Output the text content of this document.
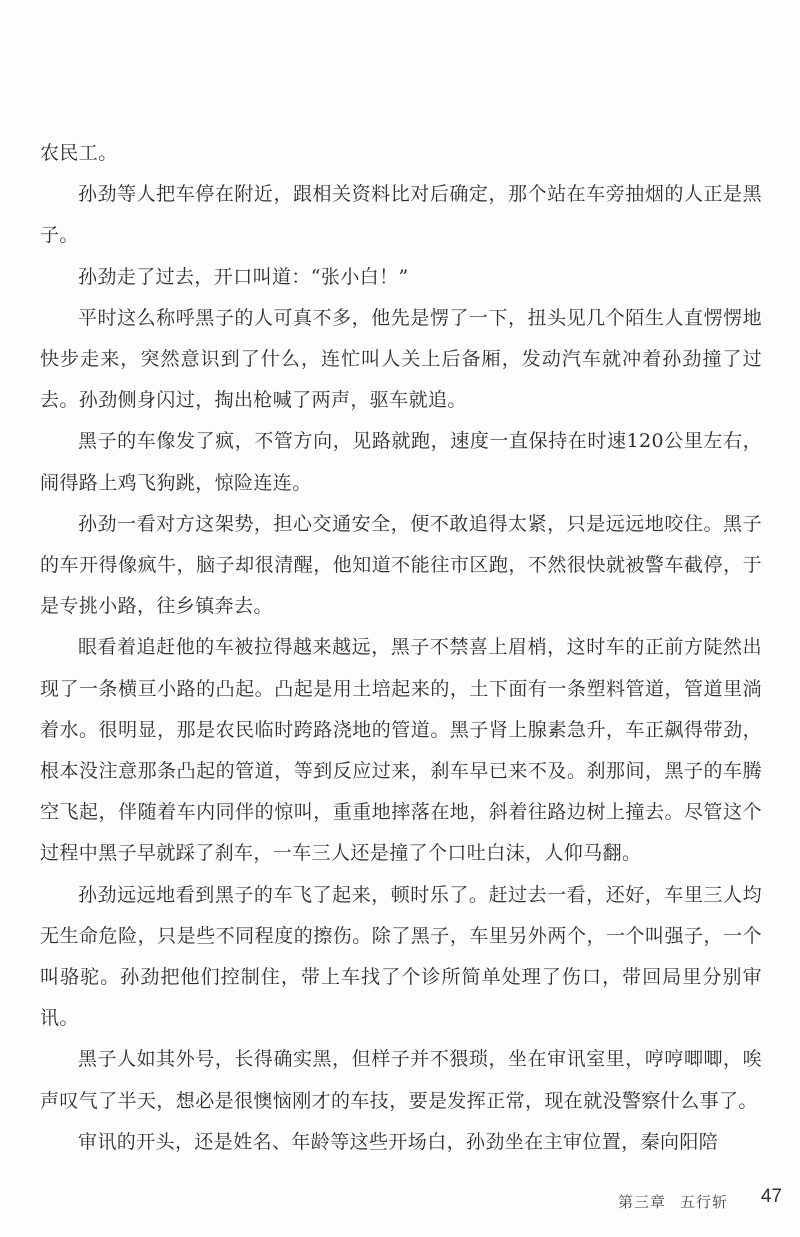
农民工。

孙劲等人把车停在附近，跟相关资料比对后确定，那个站在车旁抽烟的人正是黑子。

孙劲走了过去，开口叫道：“张小白！”

平时这么称呼黑子的人可真不多，他先是愣了一下，扭头见几个陌生人直愣愣地快步走来，突然意识到了什么，连忙叫人关上后备厢，发动汽车就冲着孙劲撞了过去。孙劲侧身闪过，掏出枪喊了两声，驱车就追。

黑子的车像发了疯，不管方向，见路就跑，速度一直保持在时速120公里左右，闹得路上鸡飞狗跳，惊险连连。

孙劲一看对方这架势，担心交通安全，便不敢追得太紧，只是远远地咬住。黑子的车开得像疯牛，脑子却很清醒，他知道不能往市区跑，不然很快就被警车截停，于是专挑小路，往乡镇奔去。

眼看着追赶他的车被拉得越来越远，黑子不禁喜上眉梢，这时车的正前方陡然出现了一条横亘小路的凸起。凸起是用土培起来的，土下面有一条塑料管道，管道里淌着水。很明显，那是农民临时跨路浇地的管道。黑子肾上腺素急升，车正飙得带劲，根本没注意那条凸起的管道，等到反应过来，刹车早已来不及。刹那间，黑子的车腾空飞起，伴随着车内同伴的惊叫，重重地摔落在地，斜着往路边树上撞去。尽管这个过程中黑子早就踩了刹车，一车三人还是撞了个口吐白沫，人仰马翻。

孙劲远远地看到黑子的车飞了起来，顿时乐了。赶过去一看，还好，车里三人均无生命危险，只是些不同程度的擦伤。除了黑子，车里另外两个，一个叫强子，一个叫骆驼。孙劲把他们控制住，带上车找了个诊所简单处理了伤口，带回局里分别审讯。

黑子人如其外号，长得确实黑，但样子并不猥琐，坐在审讯室里，哼哼唧唧，唉声叹气了半天，想必是很懊恼刚才的车技，要是发挥正常，现在就没警察什么事了。

审讯的开头，还是姓名、年龄等这些开场白，孙劲坐在主审位置，秦向阳陪

第三章 五行斩 47
